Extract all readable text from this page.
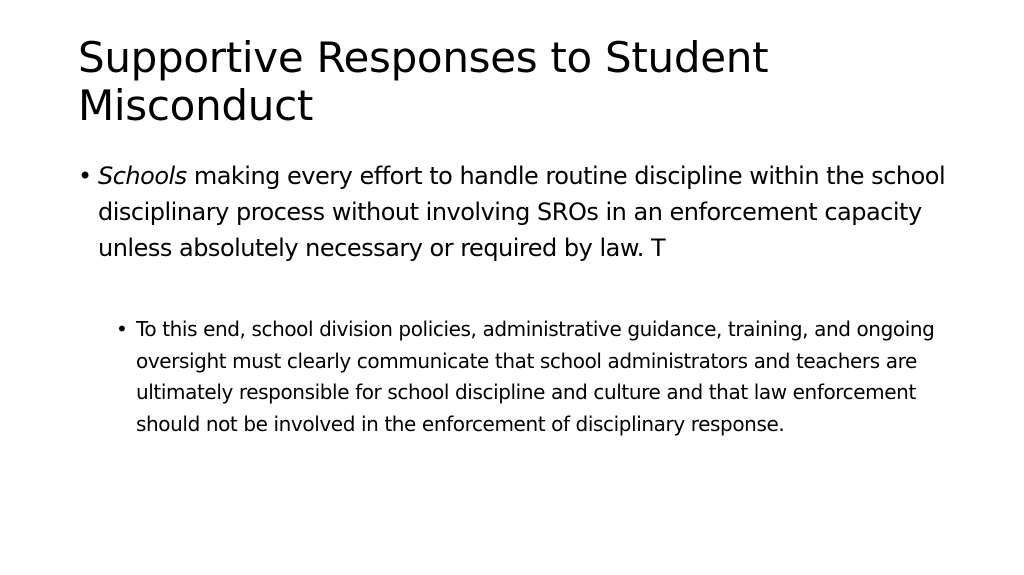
Supportive Responses to Student Misconduct
• Schools making every effort to handle routine discipline within the school disciplinary process without involving SROs in an enforcement capacity unless absolutely necessary or required by law. T
• To this end, school division policies, administrative guidance, training, and ongoing oversight must clearly communicate that school administrators and teachers are ultimately responsible for school discipline and culture and that law enforcement should not be involved in the enforcement of disciplinary response.
